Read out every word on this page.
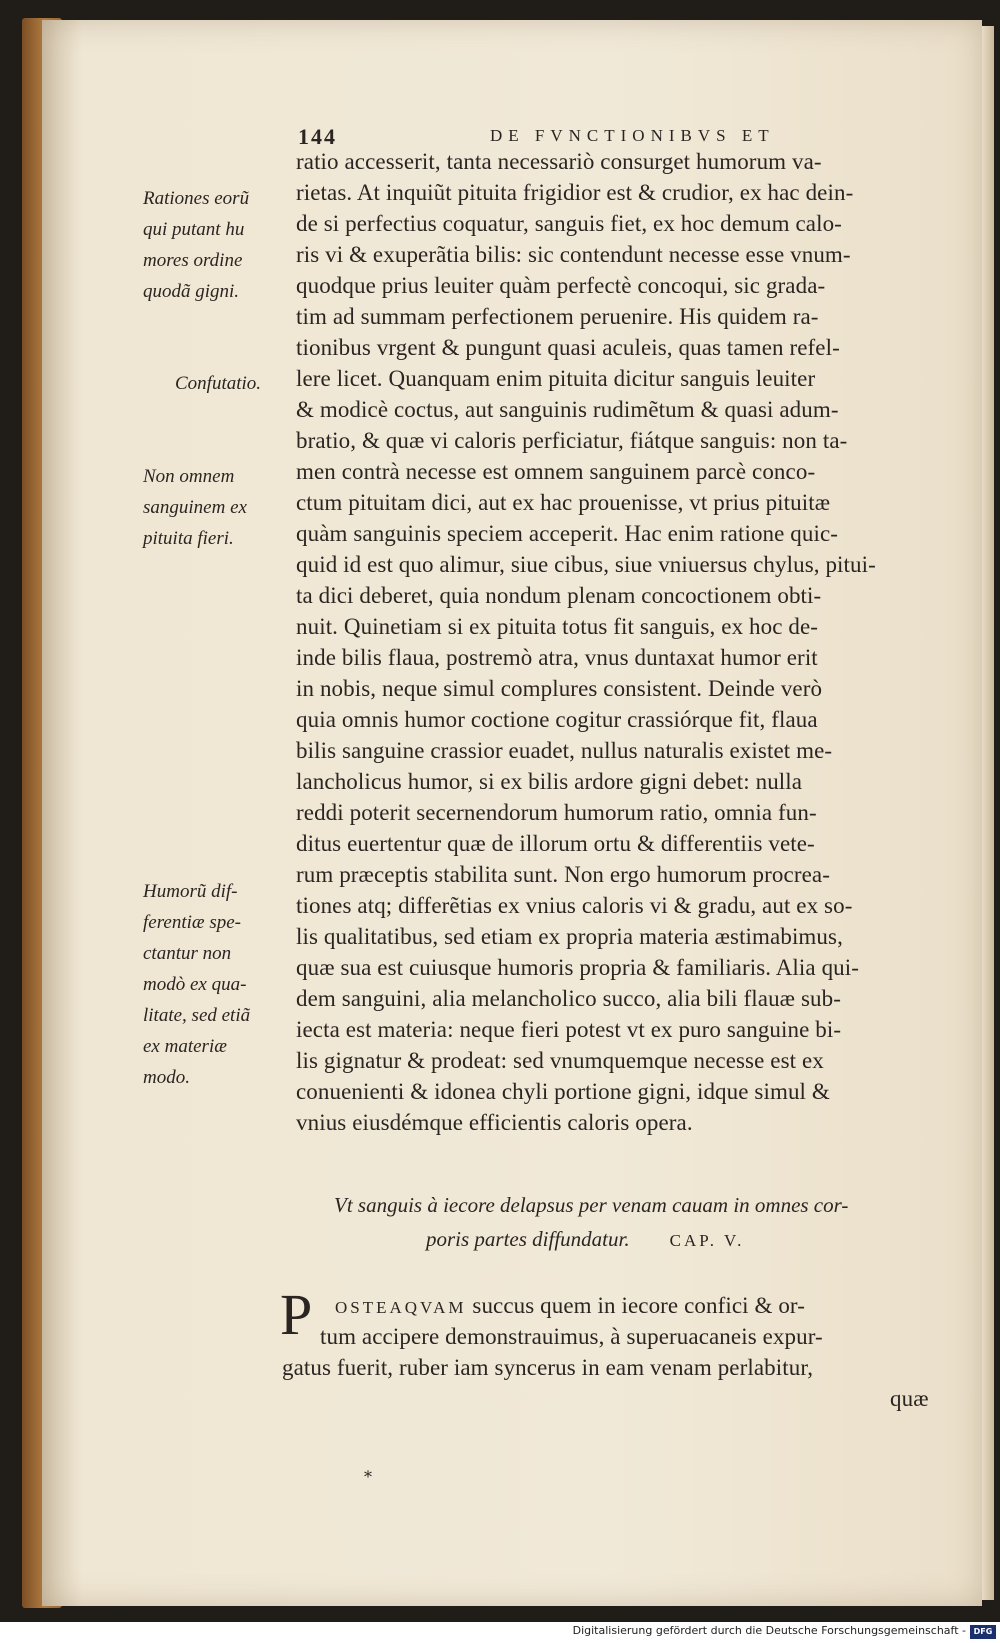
144	DE FVNCTIONIBVS ET
ratio accesserit, tanta necessariò consurget humorum va-
rietas. At inquiũt pituita frigidior est & crudior, ex hac dein-
de si perfectius coquatur, sanguis fiet, ex hoc demum calo-
ris vi & exuperãtia bilis: sic contendunt necesse esse vnum-
quodque prius leuiter quàm perfectè concoqui, sic grada-
tim ad summam perfectionem peruenire. His quidem ra-
tionibus vrgent & pungunt quasi aculeis, quas tamen refel-
lere licet. Quanquam enim pituita dicitur sanguis leuiter
& modicè coctus, aut sanguinis rudimẽtum & quasi adum-
bratio, & quæ vi caloris perficiatur, fiátque sanguis: non ta-
men contrà necesse est omnem sanguinem parcè conco-
ctum pituitam dici, aut ex hac prouenisse, vt prius pituitæ
quàm sanguinis speciem acceperit. Hac enim ratione quic-
quid id est quo alimur, siue cibus, siue vniuersus chylus, pitui-
ta dici deberet, quia nondum plenam concoctionem obti-
nuit. Quinetiam si ex pituita totus fit sanguis, ex hoc de-
inde bilis flaua, postremò atra, vnus duntaxat humor erit
in nobis, neque simul complures consistent. Deinde verò
quia omnis humor coctione cogitur crassiórque fit, flaua
bilis sanguine crassior euadet, nullus naturalis existet me-
lancholicus humor, si ex bilis ardore gigni debet: nulla
reddi poterit secernendorum humorum ratio, omnia fun-
ditus euertentur quæ de illorum ortu & differentiis vete-
rum præceptis stabilita sunt. Non ergo humorum procrea-
tiones atq; differẽtias ex vnius caloris vi & gradu, aut ex so-
lis qualitatibus, sed etiam ex propria materia æstimabimus,
quæ sua est cuiusque humoris propria & familiaris. Alia qui-
dem sanguini, alia melancholico succo, alia bili flauæ sub-
iecta est materia: neque fieri potest vt ex puro sanguine bi-
lis gignatur & prodeat: sed vnumquemque necesse est ex
conuenienti & idonea chyli portione gigni, idque simul &
vnius eiusdémque efficientis caloris opera.
Rationes eorũ
qui putant hu
mores ordine
quodã gigni.
Confutatio.
Non omnem
sanguinem ex
pituita fieri.
Humorũ dif-
ferentiæ spe-
ctantur non
modò ex qua-
litate, sed etiã
ex materiæ
modo.
Vt sanguis à iecore delapsus per venam cauam in omnes cor-
poris partes diffundatur. CAP. V.
P OSTEAQVAM succus quem in iecore confici & or-
tum accipere demonstrauimus, à superuacaneis expur-
gatus fuerit, ruber iam syncerus in eam venam perlabitur,
quæ
⁎
Digitalisierung gefördert durch die Deutsche Forschungsgemeinschaft - DFG
